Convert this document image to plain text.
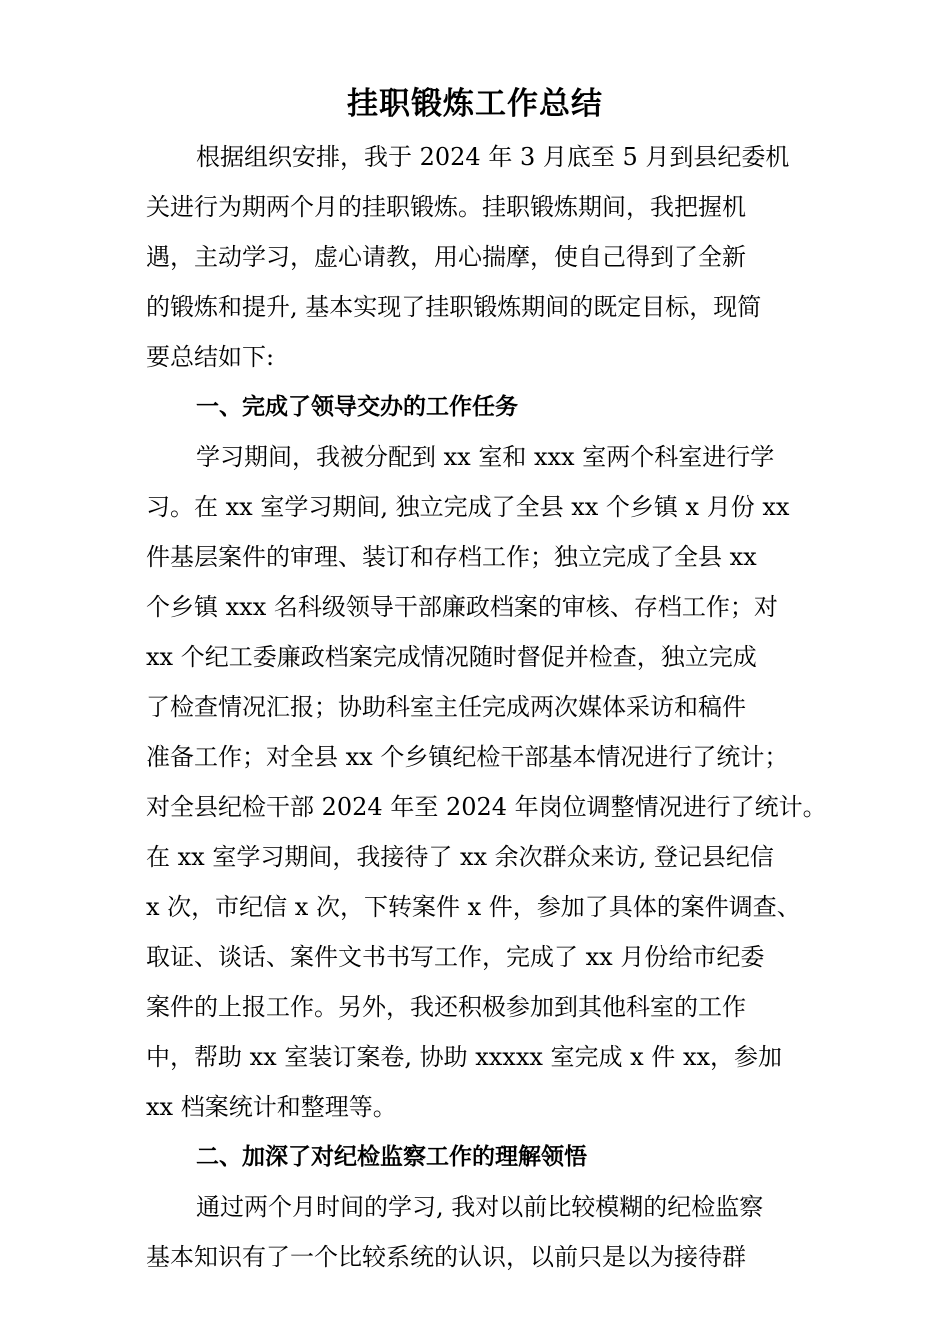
挂职锻炼工作总结
根据组织安排，我于 2024 年 3 月底至 5 月到县纪委机
关进行为期两个月的挂职锻炼。挂职锻炼期间，我把握机
遇，主动学习，虚心请教，用心揣摩，使自己得到了全新
的锻炼和提升, 基本实现了挂职锻炼期间的既定目标，现简
要总结如下:
一、完成了领导交办的工作任务
学习期间，我被分配到 xx 室和 xxx 室两个科室进行学
习。在 xx 室学习期间, 独立完成了全县 xx 个乡镇 x 月份 xx
件基层案件的审理、装订和存档工作；独立完成了全县 xx
个乡镇 xxx 名科级领导干部廉政档案的审核、存档工作；对
xx 个纪工委廉政档案完成情况随时督促并检查，独立完成
了检查情况汇报；协助科室主任完成两次媒体采访和稿件
准备工作；对全县 xx 个乡镇纪检干部基本情况进行了统计；
对全县纪检干部 2024 年至 2024 年岗位调整情况进行了统计。
在 xx 室学习期间，我接待了 xx 余次群众来访, 登记县纪信
x 次，市纪信 x 次，下转案件 x 件，参加了具体的案件调查、
取证、谈话、案件文书书写工作，完成了 xx 月份给市纪委
案件的上报工作。另外，我还积极参加到其他科室的工作
中，帮助 xx 室装订案卷, 协助 xxxxx 室完成 x 件 xx，参加
xx 档案统计和整理等。
二、加深了对纪检监察工作的理解领悟
通过两个月时间的学习, 我对以前比较模糊的纪检监察
基本知识有了一个比较系统的认识，以前只是以为接待群
